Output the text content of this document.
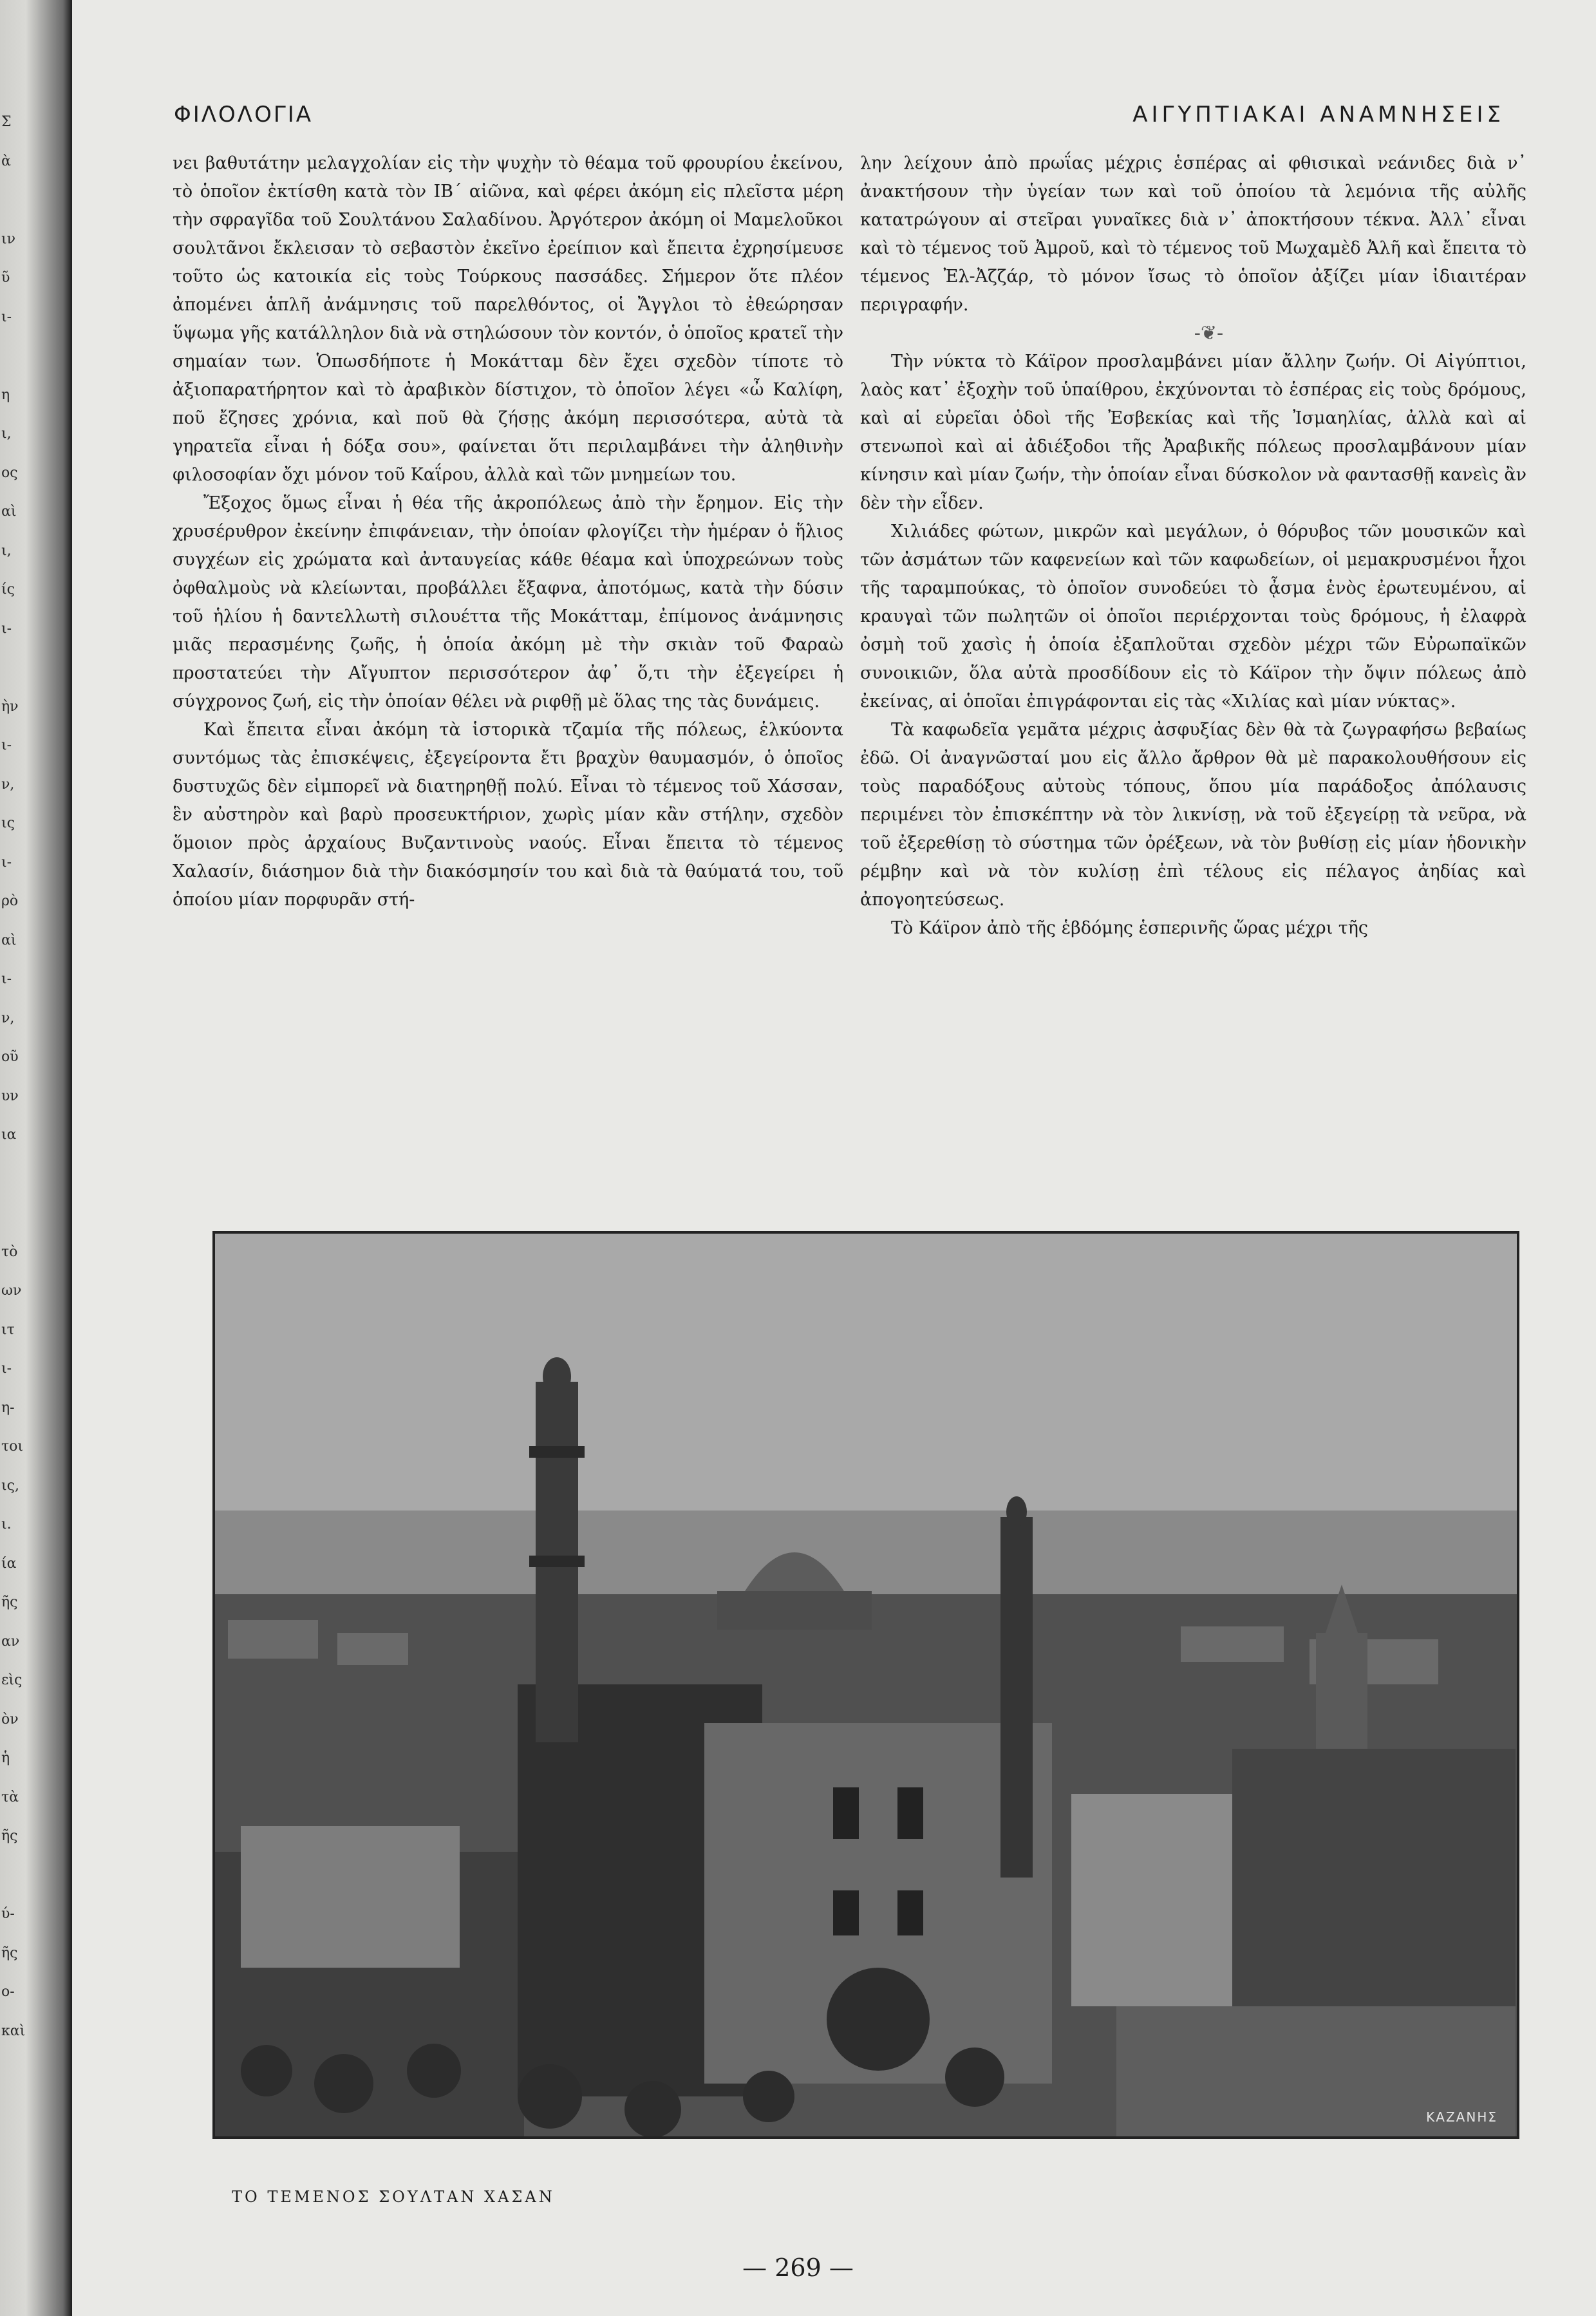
Σ
ὰ

ιν
ῦ
ι-

η
ι,
ος
αὶ
ι,
ίς
ι-

ὴν
ι-
ν,
ις
ι-
ρὸ
αὶ
ι-
ν,
οῦ
υν
ια

τὸ
ων
ιτ
ι-
η-
τοι
ις,
ι.
ία
ῆς
αν
εὶς
ὸν
ἡ
τὰ
ῆς

ύ-
ῆς
ο-
καὶ
ΦΙΛΟΛΟΓΙΑ	ΑΙΓΥΠΤΙΑΚΑΙ ΑΝΑΜΝΗΣΕΙΣ

νει βαθυτάτην μελαγχολίαν εἰς τὴν ψυχὴν τὸ θέαμα τοῦ φρουρίου ἐκείνου, τὸ ὁποῖον ἐκτίσθη κατὰ τὸν ΙΒ΄ αἰῶνα, καὶ φέρει ἀκόμη εἰς πλεῖστα μέρη τὴν σφραγῖδα τοῦ Σουλτάνου Σαλαδίνου. Ἀργότερον ἀκόμη οἱ Μαμελοῦκοι σουλτᾶνοι ἔκλεισαν τὸ σεβαστὸν ἐκεῖνο ἐρείπιον καὶ ἔπειτα ἐχρησίμευσε τοῦτο ὡς κατοικία εἰς τοὺς Τούρκους πασσάδες. Σήμερον ὅτε πλέον ἀπομένει ἁπλῆ ἀνάμνησις τοῦ παρελθόντος, οἱ Ἄγγλοι τὸ ἐθεώρησαν ὕψωμα γῆς κατάλληλον διὰ νὰ στηλώσουν τὸν κοντόν, ὁ ὁποῖος κρατεῖ τὴν σημαίαν των. Ὁπωσδήποτε ἡ Μοκάτταμ δὲν ἔχει σχεδὸν τίποτε τὸ ἀξιοπαρατήρητον καὶ τὸ ἀραβικὸν δίστιχον, τὸ ὁποῖον λέγει «ὦ Καλίφη, ποῦ ἔζησες χρόνια, καὶ ποῦ θὰ ζήσῃς ἀκόμη περισσότερα, αὐτὰ τὰ γηρατεῖα εἶναι ἡ δόξα σου», φαίνεται ὅτι περιλαμβάνει τὴν ἀληθινὴν φιλοσοφίαν ὄχι μόνον τοῦ Καΐρου, ἀλλὰ καὶ τῶν μνημείων του.

Ἔξοχος ὅμως εἶναι ἡ θέα τῆς ἀκροπόλεως ἀπὸ τὴν ἔρημον. Εἰς τὴν χρυσέρυθρον ἐκείνην ἐπιφάνειαν, τὴν ὁποίαν φλογίζει τὴν ἡμέραν ὁ ἥλιος συγχέων εἰς χρώματα καὶ ἀνταυγείας κάθε θέαμα καὶ ὑποχρεώνων τοὺς ὀφθαλμοὺς νὰ κλείωνται, προβάλλει ἔξαφνα, ἀποτόμως, κατὰ τὴν δύσιν τοῦ ἡλίου ἡ δαντελλωτὴ σιλουέττα τῆς Μοκάτταμ, ἐπίμονος ἀνάμνησις μιᾶς περασμένης ζωῆς, ἡ ὁποία ἀκόμη μὲ τὴν σκιὰν τοῦ Φαραὼ προστατεύει τὴν Αἴγυπτον περισσότερον ἀφ᾽ ὅ,τι τὴν ἐξεγείρει ἡ σύγχρονος ζωή, εἰς τὴν ὁποίαν θέλει νὰ ριφθῇ μὲ ὅλας της τὰς δυνάμεις.

Καὶ ἔπειτα εἶναι ἀκόμη τὰ ἱστορικὰ τζαμία τῆς πόλεως, ἑλκύοντα συντόμως τὰς ἐπισκέψεις, ἐξεγείροντα ἔτι βραχὺν θαυμασμόν, ὁ ὁποῖος δυστυχῶς δὲν εἰμπορεῖ νὰ διατηρηθῇ πολύ. Εἶναι τὸ τέμενος τοῦ Χάσσαν, ἓν αὐστηρὸν καὶ βαρὺ προσευκτήριον, χωρὶς μίαν κἂν στήλην, σχεδὸν ὅμοιον πρὸς ἀρχαίους Βυζαντινοὺς ναούς. Εἶναι ἔπειτα τὸ τέμενος Χαλασίν, διάσημον διὰ τὴν διακόσμησίν του καὶ διὰ τὰ θαύματά του, τοῦ ὁποίου μίαν πορφυρᾶν στή-

λην λείχουν ἀπὸ πρωΐας μέχρις ἑσπέρας αἱ φθισικαὶ νεάνιδες διὰ ν᾽ ἀνακτήσουν τὴν ὑγείαν των καὶ τοῦ ὁποίου τὰ λεμόνια τῆς αὐλῆς κατατρώγουν αἱ στεῖραι γυναῖκες διὰ ν᾽ ἀποκτήσουν τέκνα. Ἀλλ᾽ εἶναι καὶ τὸ τέμενος τοῦ Ἀμροῦ, καὶ τὸ τέμενος τοῦ Μωχαμὲδ Ἀλῆ καὶ ἔπειτα τὸ τέμενος Ἐλ-Ἀζζάρ, τὸ μόνον ἴσως τὸ ὁποῖον ἀξίζει μίαν ἰδιαιτέραν περιγραφήν.

-❦-

Τὴν νύκτα τὸ Κάϊρον προσλαμβάνει μίαν ἄλλην ζωήν. Οἱ Αἰγύπτιοι, λαὸς κατ᾽ ἐξοχὴν τοῦ ὑπαίθρου, ἐκχύνονται τὸ ἑσπέρας εἰς τοὺς δρόμους, καὶ αἱ εὐρεῖαι ὁδοὶ τῆς Ἐσβεκίας καὶ τῆς Ἰσμαηλίας, ἀλλὰ καὶ αἱ στενωποὶ καὶ αἱ ἀδιέξοδοι τῆς Ἀραβικῆς πόλεως προσλαμβάνουν μίαν κίνησιν καὶ μίαν ζωήν, τὴν ὁποίαν εἶναι δύσκολον νὰ φαντασθῇ κανεὶς ἂν δὲν τὴν εἶδεν.

Χιλιάδες φώτων, μικρῶν καὶ μεγάλων, ὁ θόρυβος τῶν μουσικῶν καὶ τῶν ἀσμάτων τῶν καφενείων καὶ τῶν καφωδείων, οἱ μεμακρυσμένοι ἦχοι τῆς ταραμπούκας, τὸ ὁποῖον συνοδεύει τὸ ᾆσμα ἑνὸς ἐρωτευμένου, αἱ κραυγαὶ τῶν πωλητῶν οἱ ὁποῖοι περιέρχονται τοὺς δρόμους, ἡ ἐλαφρὰ ὀσμὴ τοῦ χασὶς ἡ ὁποία ἐξαπλοῦται σχεδὸν μέχρι τῶν Εὐρωπαϊκῶν συνοικιῶν, ὅλα αὐτὰ προσδίδουν εἰς τὸ Κάϊρον τὴν ὄψιν πόλεως ἀπὸ ἐκείνας, αἱ ὁποῖαι ἐπιγράφονται εἰς τὰς «Χιλίας καὶ μίαν νύκτας».

Τὰ καφωδεῖα γεμᾶτα μέχρις ἀσφυξίας δὲν θὰ τὰ ζωγραφήσω βεβαίως ἐδῶ. Οἱ ἀναγνῶσταί μου εἰς ἄλλο ἄρθρον θὰ μὲ παρακολουθήσουν εἰς τοὺς παραδόξους αὐτοὺς τόπους, ὅπου μία παράδοξος ἀπόλαυσις περιμένει τὸν ἐπισκέπτην νὰ τὸν λικνίσῃ, νὰ τοῦ ἐξεγείρῃ τὰ νεῦρα, νὰ τοῦ ἐξερεθίσῃ τὸ σύστημα τῶν ὀρέξεων, νὰ τὸν βυθίσῃ εἰς μίαν ἡδονικὴν ρέμβην καὶ νὰ τὸν κυλίσῃ ἐπὶ τέλους εἰς πέλαγος ἀηδίας καὶ ἀπογοητεύσεως.

Τὸ Κάϊρον ἀπὸ τῆς ἑβδόμης ἑσπερινῆς ὥρας μέχρι τῆς

ΚΑΖΑΝΗΣ
ΤΟ ΤΕΜΕΝΟΣ ΣΟΥΛΤΑΝ ΧΑΣΑΝ
— 269 —
